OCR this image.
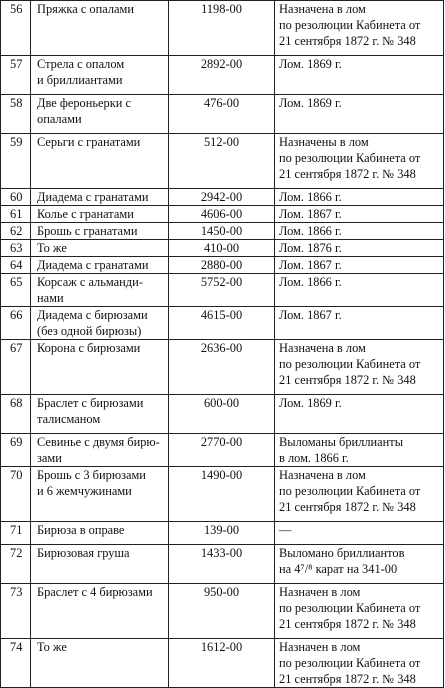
56	Пряжка с опалами	1198-00	Назначена в лом
по резолюции Кабинета от
21 сентября 1872 г. № 348

57	Стрела с опалом
и бриллиантами	2892-00	Лом. 1869 г.

58	Две фероньерки с
опалами	476-00	Лом. 1869 г.

59	Серьги с гранатами	512-00	Назначены в лом
по резолюции Кабинета от
21 сентября 1872 г. № 348

60	Диадема с гранатами	2942-00	Лом. 1866 г.

61	Колье с гранатами	4606-00	Лом. 1867 г.

62	Брошь с гранатами	1450-00	Лом. 1866 г.

63	То же	410-00	Лом. 1876 г.

64	Диадема с гранатами	2880-00	Лом. 1867 г.

65	Корсаж с альманди-
нами	5752-00	Лом. 1866 г.

66	Диадема с бирюзами
(без одной бирюзы)	4615-00	Лом. 1867 г.

67	Корона с бирюзами	2636-00	Назначена в лом
по резолюции Кабинета от
21 сентября 1872 г. № 348

68	Браслет с бирюзами
талисманом	600-00	Лом. 1869 г.

69	Севинье с двумя бирю-
зами	2770-00	Выломаны бриллианты
в лом. 1866 г.

70	Брошь с 3 бирюзами
и 6 жемчужинами	1490-00	Назначена в лом
по резолюции Кабинета от
21 сентября 1872 г. № 348

71	Бирюза в оправе	139-00	—

72	Бирюзовая груша	1433-00	Выломано бриллиантов
на 4⁷/⁸ карат на 341-00

73	Браслет с 4 бирюзами	950-00	Назначен в лом
по резолюции Кабинета от
21 сентября 1872 г. № 348

74	То же	1612-00	Назначен в лом
по резолюции Кабинета от
21 сентября 1872 г. № 348
